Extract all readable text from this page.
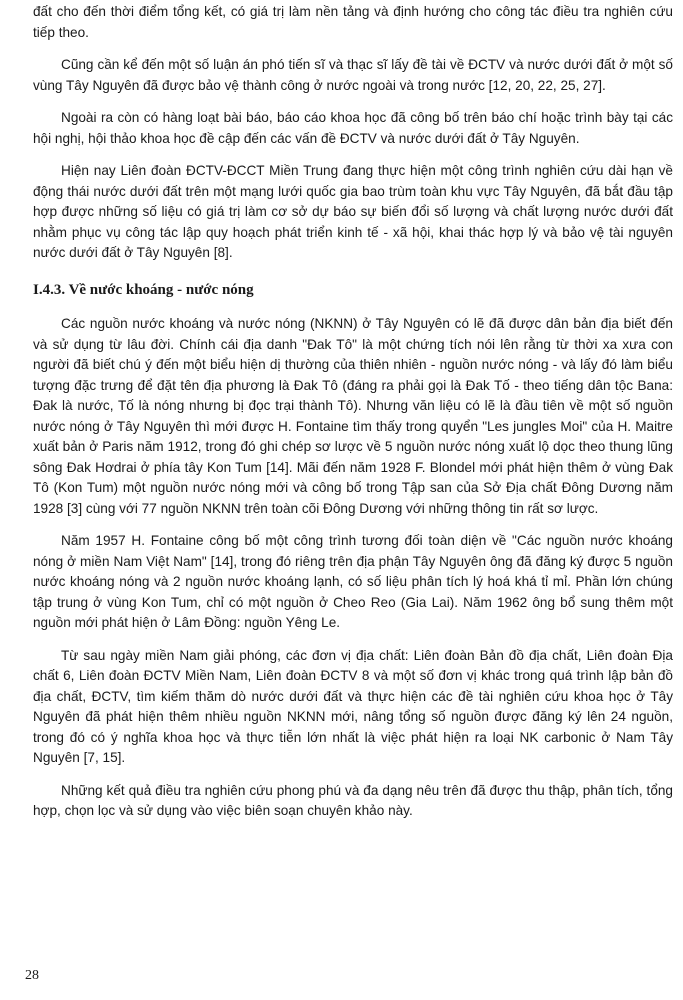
đất cho đến thời điểm tổng kết, có giá trị làm nền tảng và định hướng cho công tác điều tra nghiên cứu tiếp theo.

Cũng cần kể đến một số luận án phó tiến sĩ và thạc sĩ lấy đề tài về ĐCTV và nước dưới đất ở một số vùng Tây Nguyên đã được bảo vệ thành công ở nước ngoài và trong nước [12, 20, 22, 25, 27].

Ngoài ra còn có hàng loạt bài báo, báo cáo khoa học đã công bố trên báo chí hoặc trình bày tại các hội nghị, hội thảo khoa học đề cập đến các vấn đề ĐCTV và nước dưới đất ở Tây Nguyên.

Hiện nay Liên đoàn ĐCTV-ĐCCT Miền Trung đang thực hiện một công trình nghiên cứu dài hạn về động thái nước dưới đất trên một mạng lưới quốc gia bao trùm toàn khu vực Tây Nguyên, đã bắt đầu tập hợp được những số liệu có giá trị làm cơ sở dự báo sự biến đổi số lượng và chất lượng nước dưới đất nhằm phục vụ công tác lập quy hoạch phát triển kinh tế - xã hội, khai thác hợp lý và bảo vệ tài nguyên nước dưới đất ở Tây Nguyên [8].

I.4.3. Về nước khoáng - nước nóng

Các nguồn nước khoáng và nước nóng (NKNN) ở Tây Nguyên có lẽ đã được dân bản địa biết đến và sử dụng từ lâu đời. Chính cái địa danh "Đak Tô" là một chứng tích nói lên rằng từ thời xa xưa con người đã biết chú ý đến một biểu hiện dị thường của thiên nhiên - nguồn nước nóng - và lấy đó làm biểu tượng đặc trưng để đặt tên địa phương là Đak Tô (đáng ra phải gọi là Đak Tố - theo tiếng dân tộc Bana: Đak là nước, Tố là nóng nhưng bị đọc trại thành Tô). Nhưng văn liệu có lẽ là đầu tiên về một số nguồn nước nóng ở Tây Nguyên thì mới được H. Fontaine tìm thấy trong quyển "Les jungles Moi" của H. Maitre xuất bản ở Paris năm 1912, trong đó ghi chép sơ lược về 5 nguồn nước nóng xuất lộ dọc theo thung lũng sông Đak Hơdrai ở phía tây Kon Tum [14]. Mãi đến năm 1928 F. Blondel mới phát hiện thêm ở vùng Đak Tô (Kon Tum) một nguồn nước nóng mới và công bố trong Tập san của Sở Địa chất Đông Dương năm 1928 [3] cùng với 77 nguồn NKNN trên toàn cõi Đông Dương với những thông tin rất sơ lược.

Năm 1957 H. Fontaine công bố một công trình tương đối toàn diện về "Các nguồn nước khoáng nóng ở miền Nam Việt Nam" [14], trong đó riêng trên địa phận Tây Nguyên ông đã đăng ký được 5 nguồn nước khoáng nóng và 2 nguồn nước khoáng lạnh, có số liệu phân tích lý hoá khá tỉ mỉ. Phần lớn chúng tập trung ở vùng Kon Tum, chỉ có một nguồn ở Cheo Reo (Gia Lai). Năm 1962 ông bổ sung thêm một nguồn mới phát hiện ở Lâm Đồng: nguồn Yêng Le.

Từ sau ngày miền Nam giải phóng, các đơn vị địa chất: Liên đoàn Bản đồ địa chất, Liên đoàn Địa chất 6, Liên đoàn ĐCTV Miền Nam, Liên đoàn ĐCTV 8 và một số đơn vị khác trong quá trình lập bản đồ địa chất, ĐCTV, tìm kiếm thăm dò nước dưới đất và thực hiện các đề tài nghiên cứu khoa học ở Tây Nguyên đã phát hiện thêm nhiều nguồn NKNN mới, nâng tổng số nguồn được đăng ký lên 24 nguồn, trong đó có ý nghĩa khoa học và thực tiễn lớn nhất là việc phát hiện ra loại NK carbonic ở Nam Tây Nguyên [7, 15].

Những kết quả điều tra nghiên cứu phong phú và đa dạng nêu trên đã được thu thập, phân tích, tổng hợp, chọn lọc và sử dụng vào việc biên soạn chuyên khảo này.

28
